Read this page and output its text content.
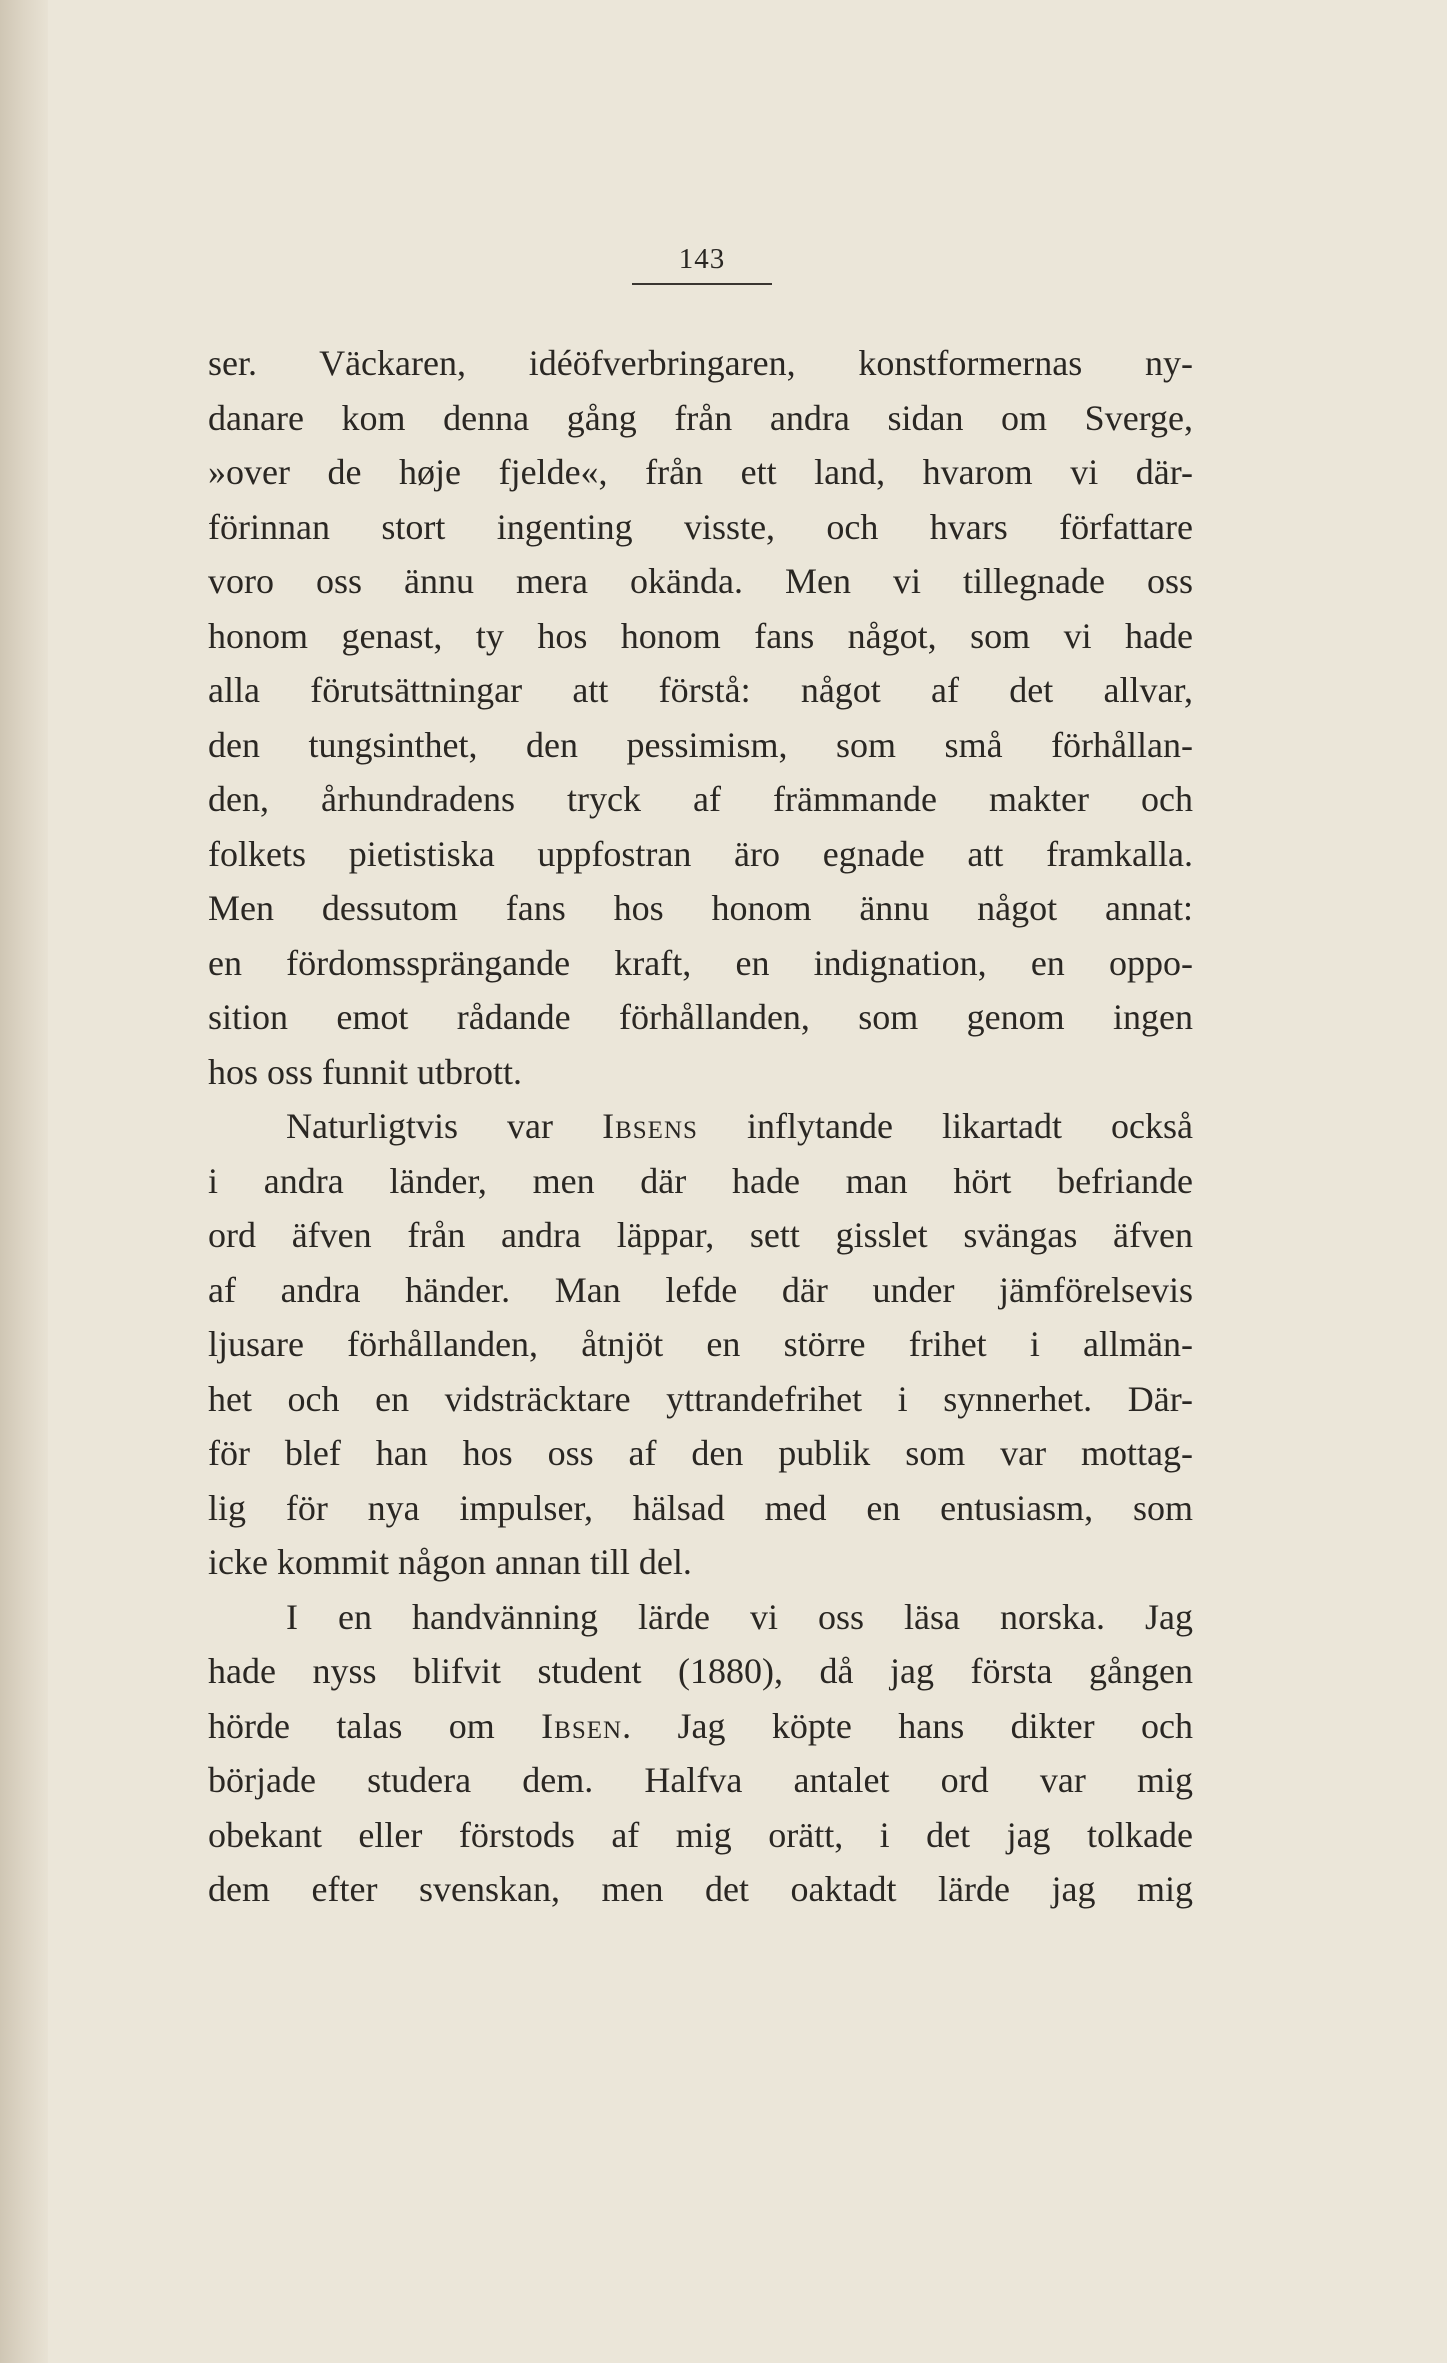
143
ser. Väckaren, idéöfverbringaren, konstformernas ny-
danare kom denna gång från andra sidan om Sverge,
»over de høje fjelde«, från ett land, hvarom vi där-
förinnan stort ingenting visste, och hvars författare
voro oss ännu mera okända. Men vi tillegnade oss
honom genast, ty hos honom fans något, som vi hade
alla förutsättningar att förstå: något af det allvar,
den tungsinthet, den pessimism, som små förhållan-
den, århundradens tryck af främmande makter och
folkets pietistiska uppfostran äro egnade att framkalla.
Men dessutom fans hos honom ännu något annat:
en fördomssprängande kraft, en indignation, en oppo-
sition emot rådande förhållanden, som genom ingen
hos oss funnit utbrott.
Naturligtvis var Ibsens inflytande likartadt också
i andra länder, men där hade man hört befriande
ord äfven från andra läppar, sett gisslet svängas äfven
af andra händer. Man lefde där under jämförelsevis
ljusare förhållanden, åtnjöt en större frihet i allmän-
het och en vidsträcktare yttrandefrihet i synnerhet. Där-
för blef han hos oss af den publik som var mottag-
lig för nya impulser, hälsad med en entusiasm, som
icke kommit någon annan till del.
I en handvänning lärde vi oss läsa norska. Jag
hade nyss blifvit student (1880), då jag första gången
hörde talas om Ibsen. Jag köpte hans dikter och
började studera dem. Halfva antalet ord var mig
obekant eller förstods af mig orätt, i det jag tolkade
dem efter svenskan, men det oaktadt lärde jag mig
